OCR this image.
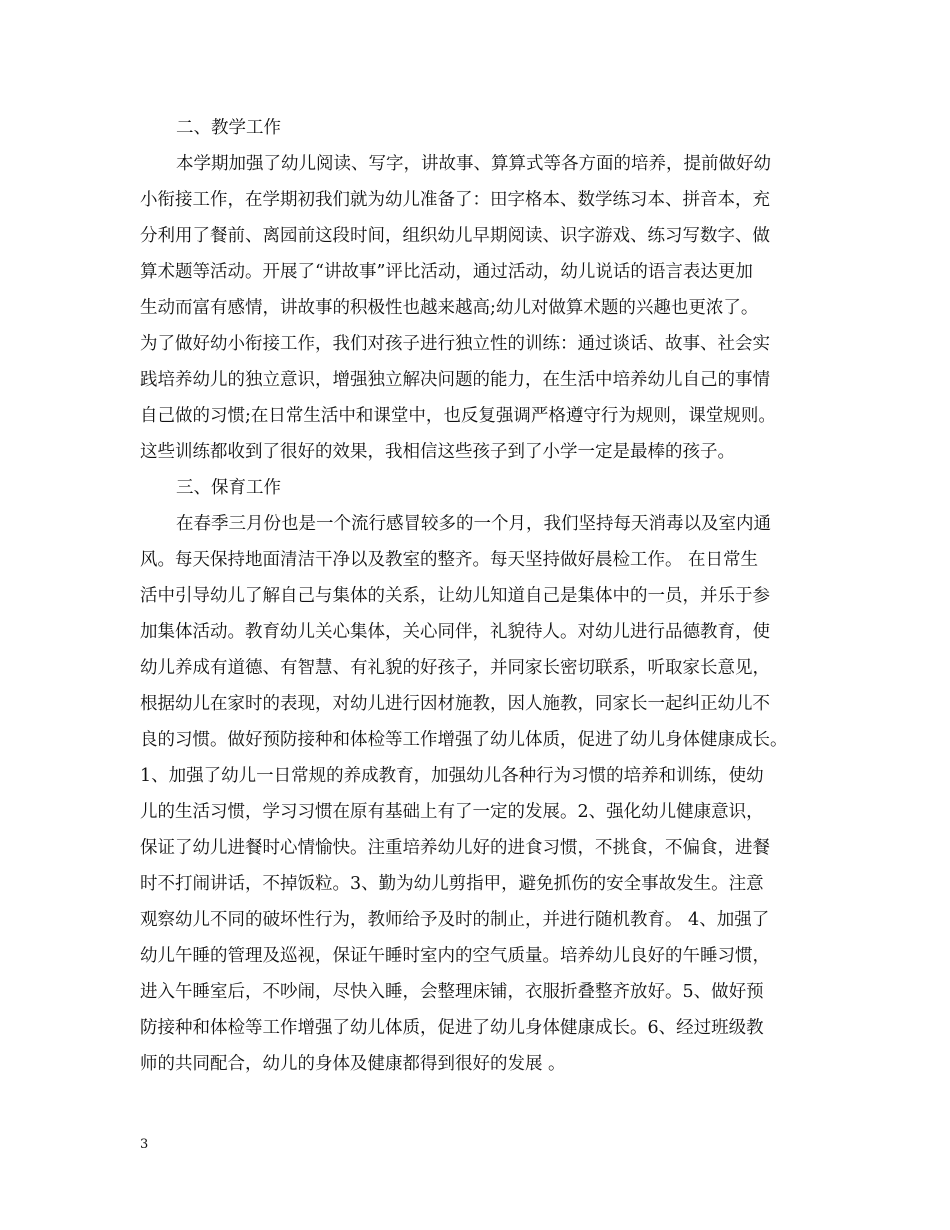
二、教学工作
本学期加强了幼儿阅读、写字，讲故事、算算式等各方面的培养，提前做好幼
小衔接工作，在学期初我们就为幼儿准备了：田字格本、数学练习本、拼音本，充
分利用了餐前、离园前这段时间，组织幼儿早期阅读、识字游戏、练习写数字、做
算术题等活动。开展了“讲故事”评比活动，通过活动，幼儿说话的语言表达更加
生动而富有感情，讲故事的积极性也越来越高;幼儿对做算术题的兴趣也更浓了。
为了做好幼小衔接工作，我们对孩子进行独立性的训练：通过谈话、故事、社会实
践培养幼儿的独立意识，增强独立解决问题的能力，在生活中培养幼儿自己的事情
自己做的习惯;在日常生活中和课堂中，也反复强调严格遵守行为规则，课堂规则。
这些训练都收到了很好的效果，我相信这些孩子到了小学一定是最棒的孩子。
三、保育工作
在春季三月份也是一个流行感冒较多的一个月，我们坚持每天消毒以及室内通
风。每天保持地面清洁干净以及教室的整齐。每天坚持做好晨检工作。 在日常生
活中引导幼儿了解自己与集体的关系，让幼儿知道自己是集体中的一员，并乐于参
加集体活动。教育幼儿关心集体，关心同伴，礼貌待人。对幼儿进行品德教育，使
幼儿养成有道德、有智慧、有礼貌的好孩子，并同家长密切联系，听取家长意见，
根据幼儿在家时的表现，对幼儿进行因材施教，因人施教，同家长一起纠正幼儿不
良的习惯。做好预防接种和体检等工作增强了幼儿体质，促进了幼儿身体健康成长。
1、加强了幼儿一日常规的养成教育，加强幼儿各种行为习惯的培养和训练，使幼
儿的生活习惯，学习习惯在原有基础上有了一定的发展。2、强化幼儿健康意识，
保证了幼儿进餐时心情愉快。注重培养幼儿好的进食习惯，不挑食，不偏食，进餐
时不打闹讲话，不掉饭粒。3、勤为幼儿剪指甲，避免抓伤的安全事故发生。注意
观察幼儿不同的破坏性行为，教师给予及时的制止，并进行随机教育。 4、加强了
幼儿午睡的管理及巡视，保证午睡时室内的空气质量。培养幼儿良好的午睡习惯，
进入午睡室后，不吵闹，尽快入睡，会整理床铺，衣服折叠整齐放好。5、做好预
防接种和体检等工作增强了幼儿体质，促进了幼儿身体健康成长。6、经过班级教
师的共同配合，幼儿的身体及健康都得到很好的发展 。
3
